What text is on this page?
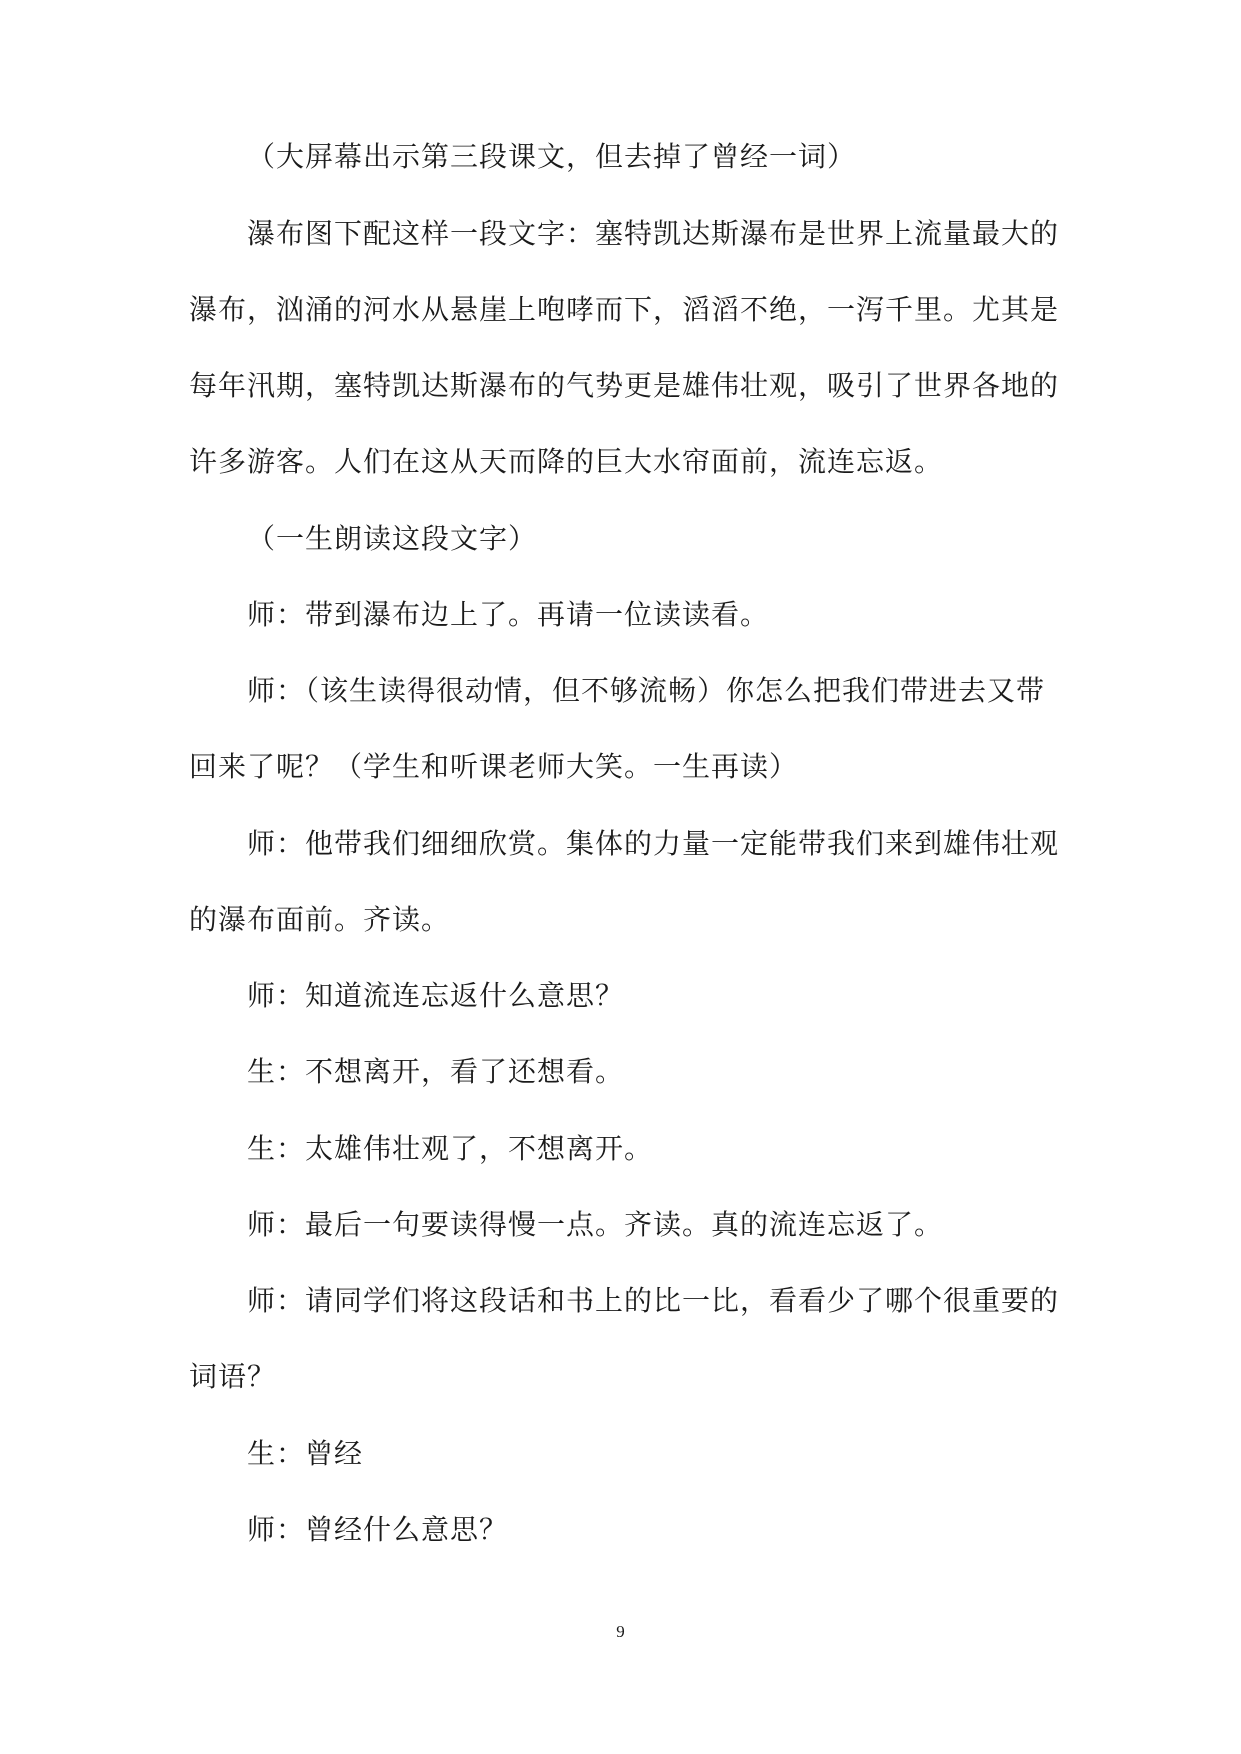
（大屏幕出示第三段课文，但去掉了曾经一词）

瀑布图下配这样一段文字：塞特凯达斯瀑布是世界上流量最大的

瀑布，汹涌的河水从悬崖上咆哮而下，滔滔不绝，一泻千里。尤其是

每年汛期，塞特凯达斯瀑布的气势更是雄伟壮观，吸引了世界各地的

许多游客。人们在这从天而降的巨大水帘面前，流连忘返。

（一生朗读这段文字）

师：带到瀑布边上了。再请一位读读看。

师：（该生读得很动情，但不够流畅）你怎么把我们带进去又带

回来了呢？（学生和听课老师大笑。一生再读）

师：他带我们细细欣赏。集体的力量一定能带我们来到雄伟壮观

的瀑布面前。齐读。

师：知道流连忘返什么意思？

生：不想离开，看了还想看。

生：太雄伟壮观了，不想离开。

师：最后一句要读得慢一点。齐读。真的流连忘返了。

师：请同学们将这段话和书上的比一比，看看少了哪个很重要的

词语？

生：曾经

师：曾经什么意思？

9
